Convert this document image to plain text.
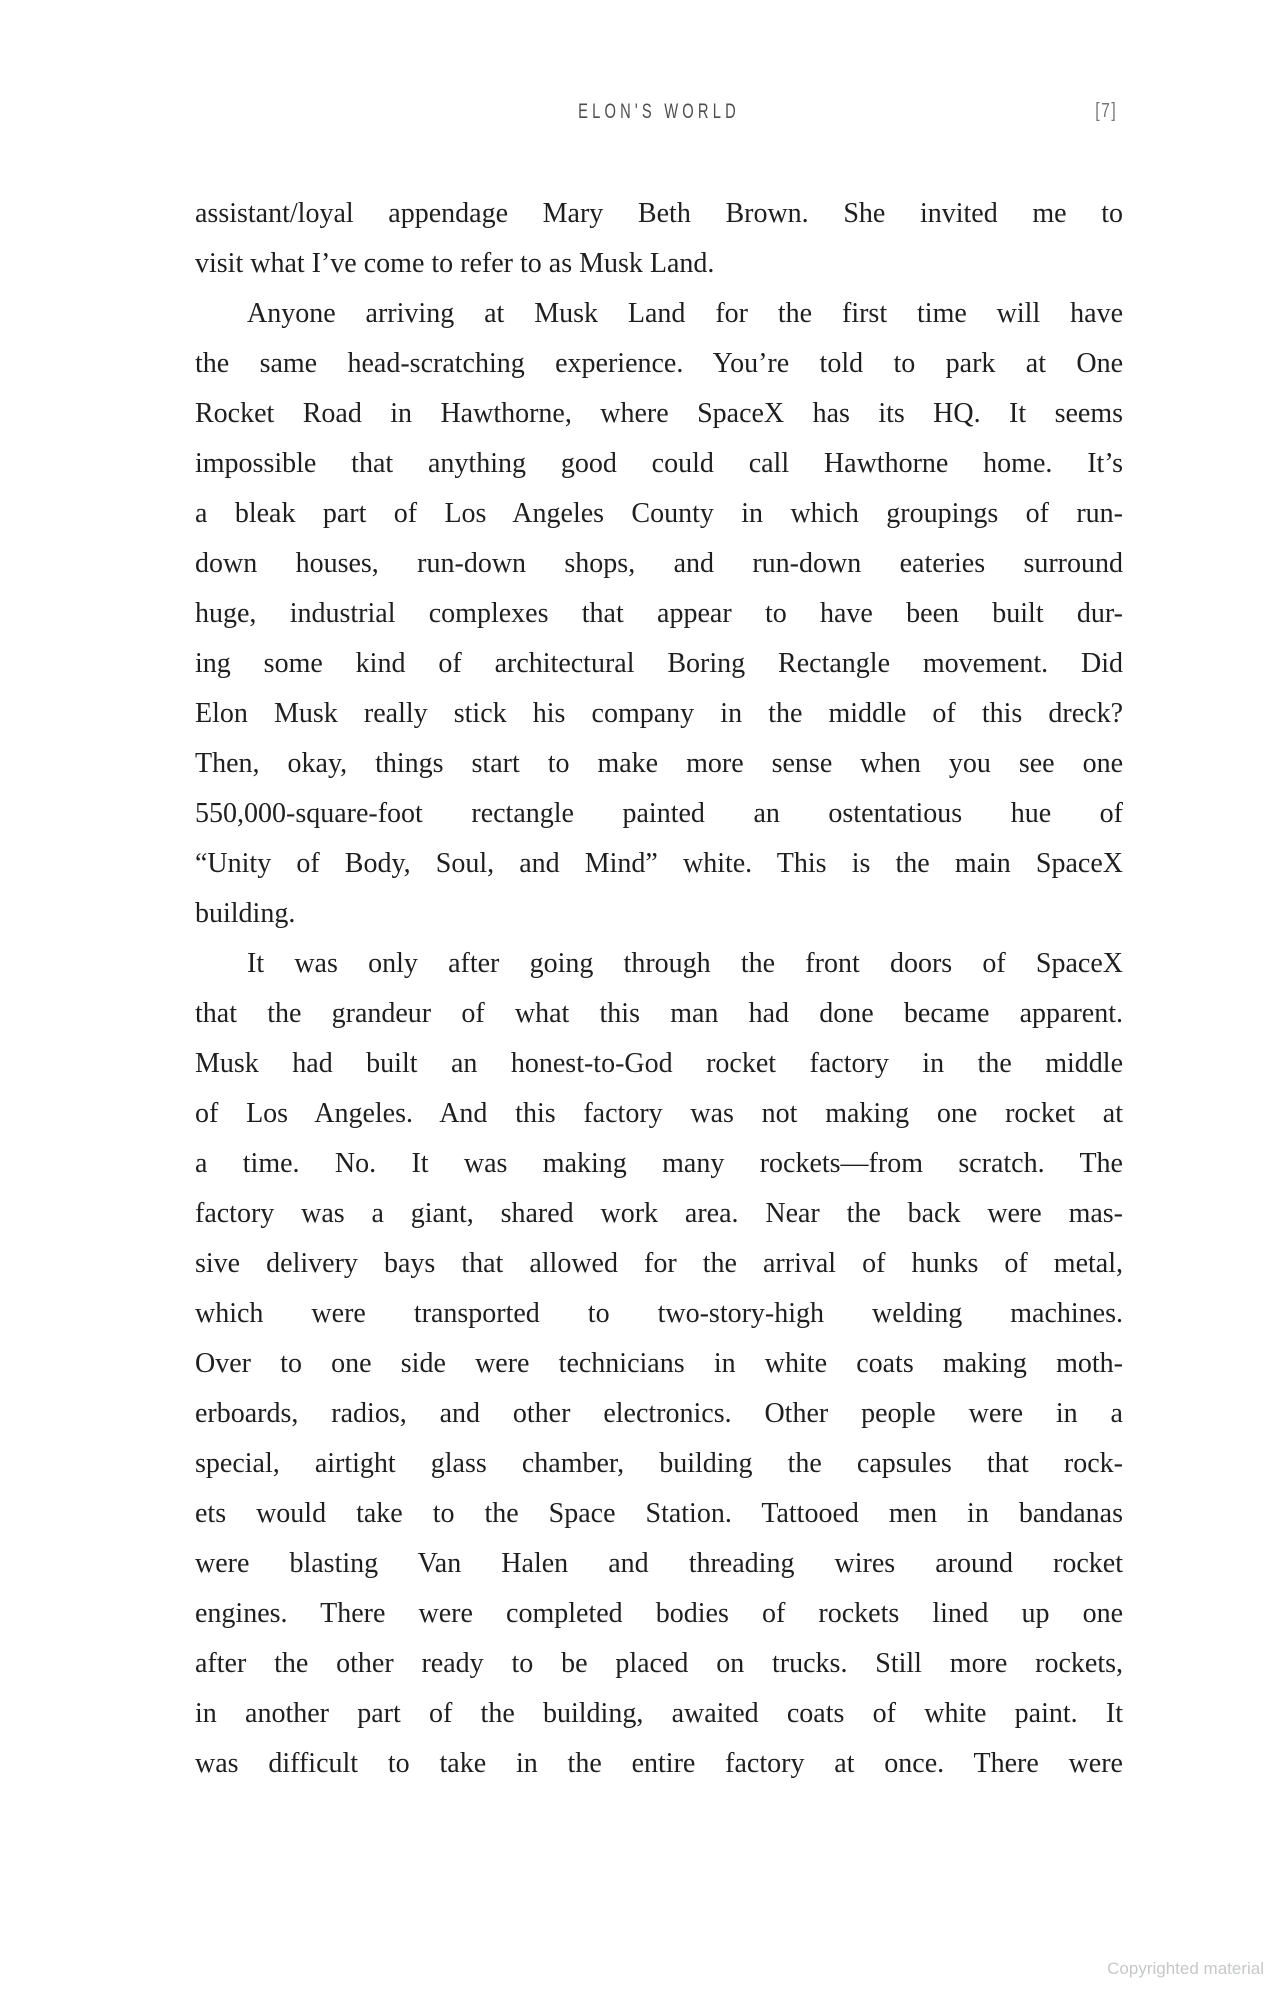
ELON'S WORLD	[7]
assistant/loyal appendage Mary Beth Brown. She invited me to
visit what I’ve come to refer to as Musk Land.
Anyone arriving at Musk Land for the first time will have
the same head-scratching experience. You’re told to park at One
Rocket Road in Hawthorne, where SpaceX has its HQ. It seems
impossible that anything good could call Hawthorne home. It’s
a bleak part of Los Angeles County in which groupings of run-
down houses, run-down shops, and run-down eateries surround
huge, industrial complexes that appear to have been built dur-
ing some kind of architectural Boring Rectangle movement. Did
Elon Musk really stick his company in the middle of this dreck?
Then, okay, things start to make more sense when you see one
550,000-square-foot rectangle painted an ostentatious hue of
“Unity of Body, Soul, and Mind” white. This is the main SpaceX
building.
It was only after going through the front doors of SpaceX
that the grandeur of what this man had done became apparent.
Musk had built an honest-to-God rocket factory in the middle
of Los Angeles. And this factory was not making one rocket at
a time. No. It was making many rockets—from scratch. The
factory was a giant, shared work area. Near the back were mas-
sive delivery bays that allowed for the arrival of hunks of metal,
which were transported to two-story-high welding machines.
Over to one side were technicians in white coats making moth-
erboards, radios, and other electronics. Other people were in a
special, airtight glass chamber, building the capsules that rock-
ets would take to the Space Station. Tattooed men in bandanas
were blasting Van Halen and threading wires around rocket
engines. There were completed bodies of rockets lined up one
after the other ready to be placed on trucks. Still more rockets,
in another part of the building, awaited coats of white paint. It
was difficult to take in the entire factory at once. There were
Copyrighted material
